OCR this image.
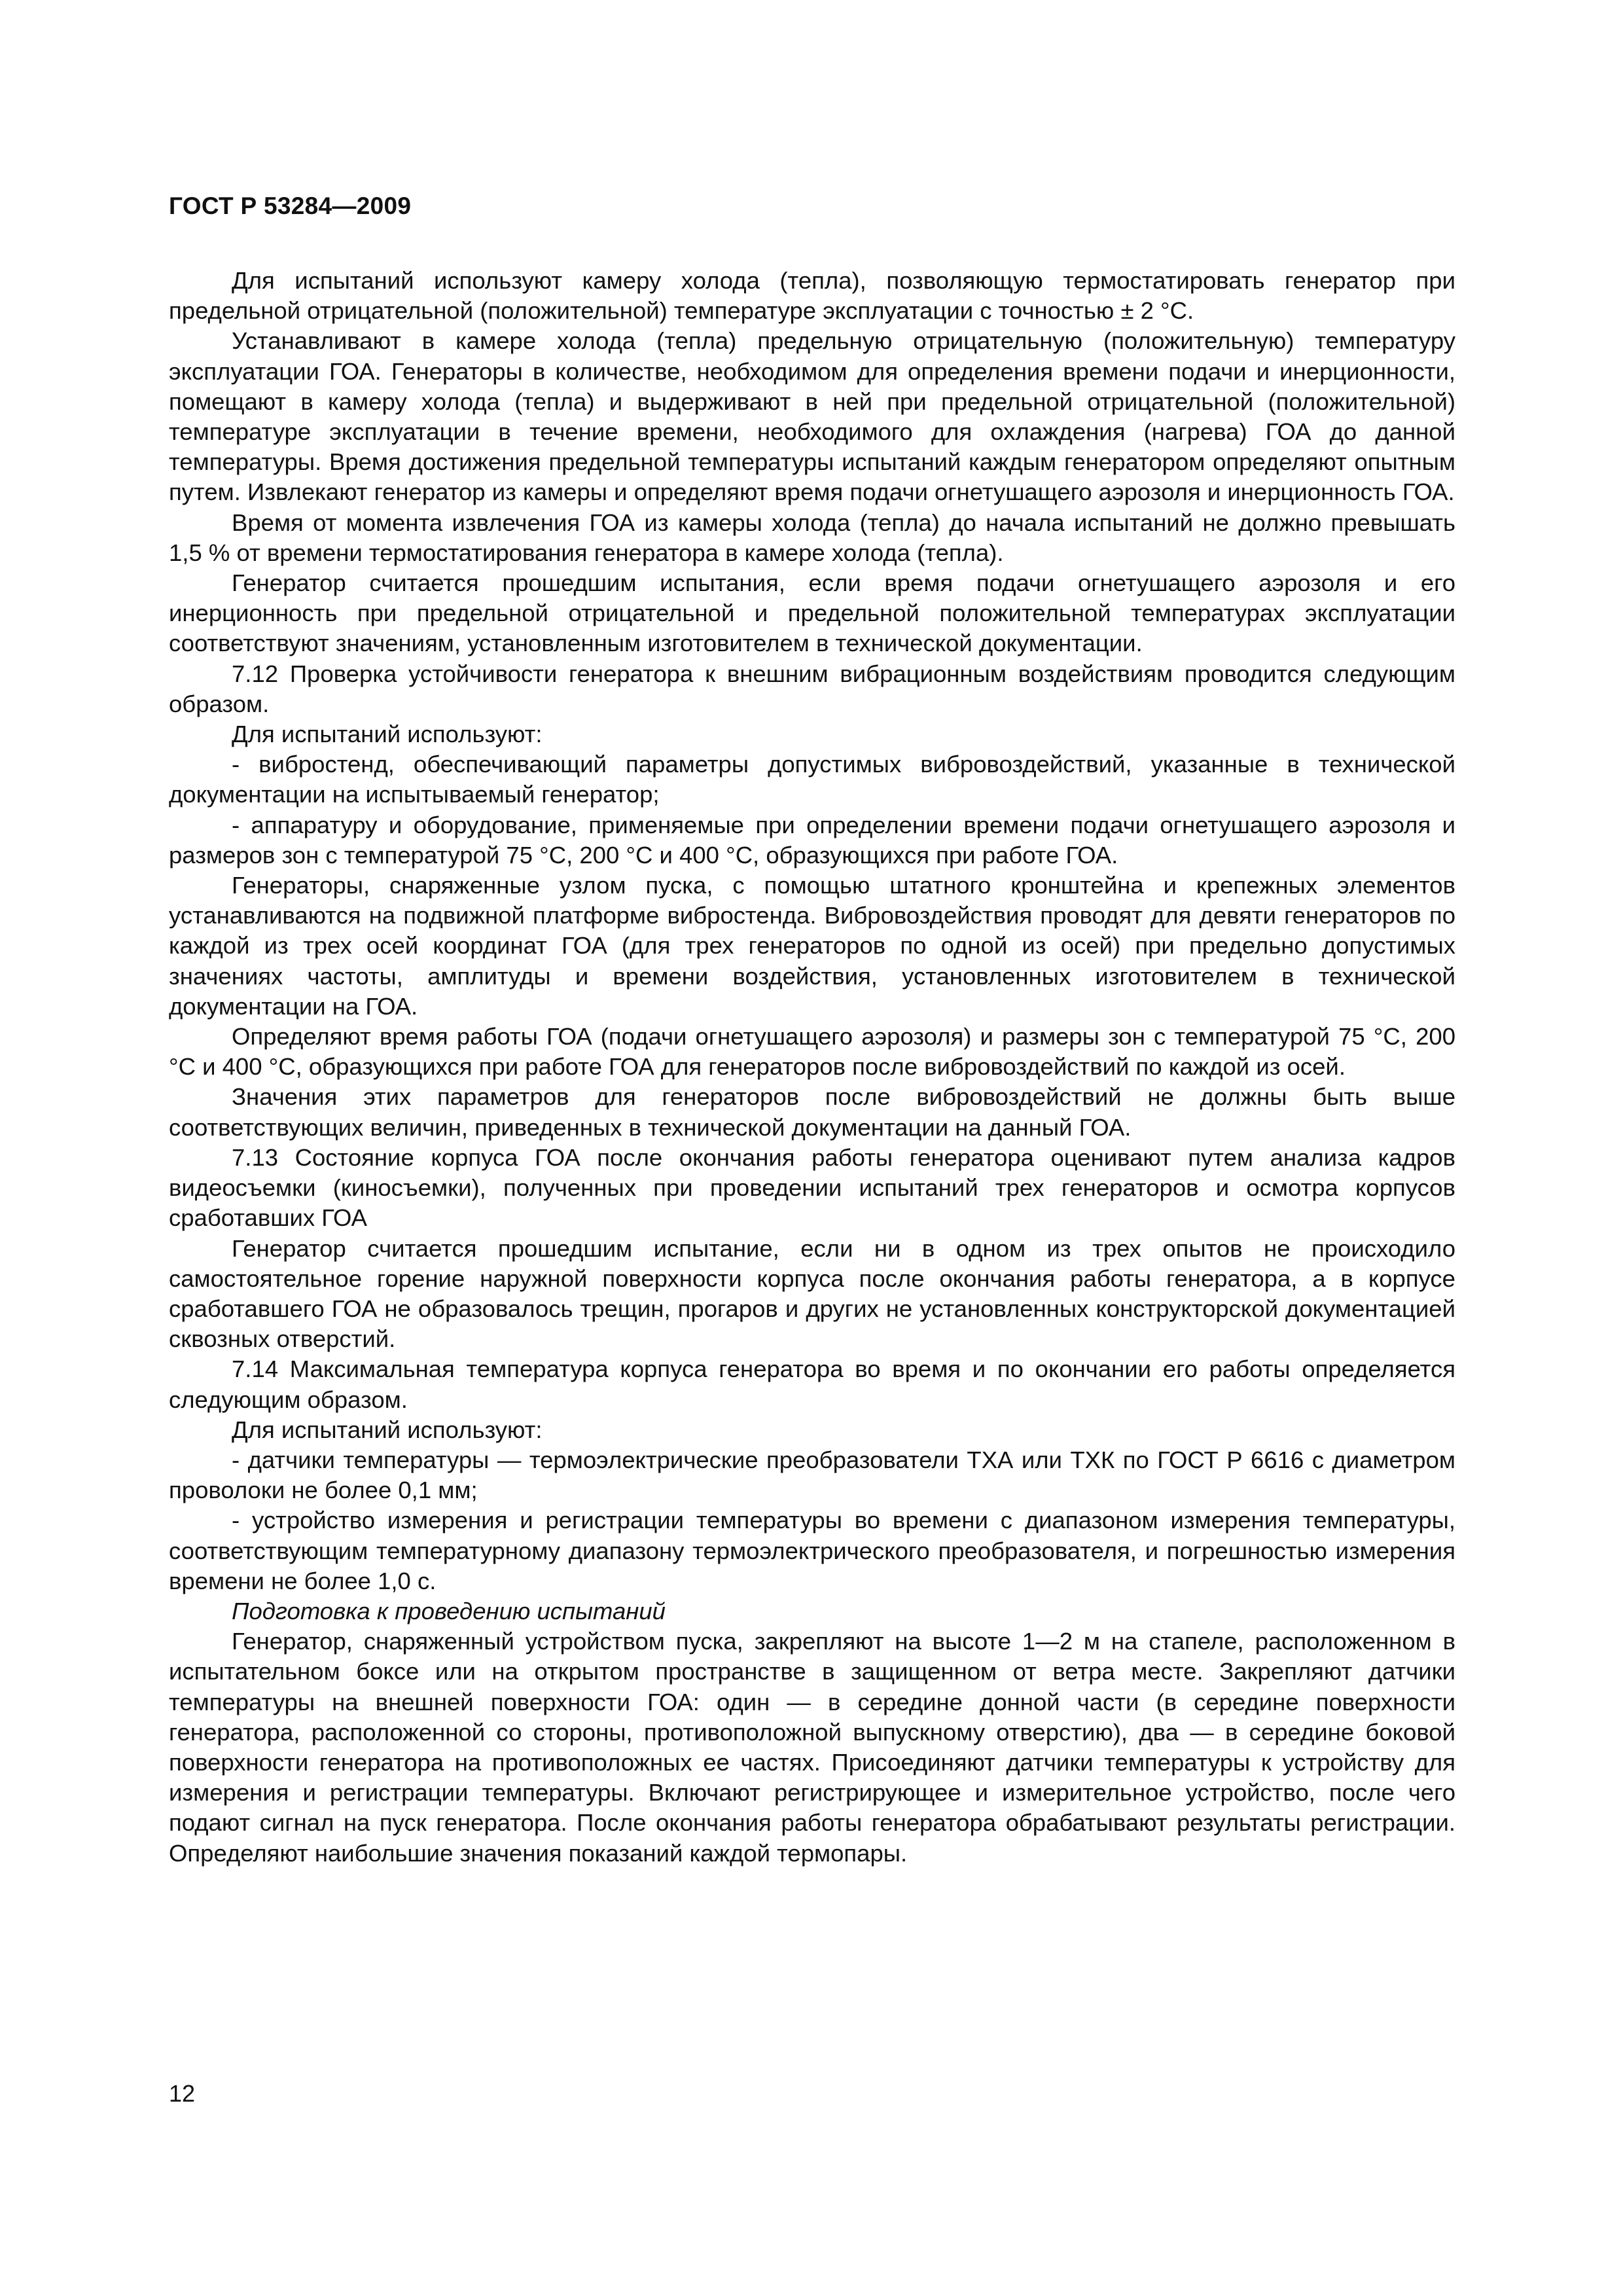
ГОСТ Р 53284—2009

Для испытаний используют камеру холода (тепла), позволяющую термостатировать генератор при предельной отрицательной (положительной) температуре эксплуатации с точностью ± 2 °С.

Устанавливают в камере холода (тепла) предельную отрицательную (положительную) температуру эксплуатации ГОА. Генераторы в количестве, необходимом для определения времени подачи и инерционности, помещают в камеру холода (тепла) и выдерживают в ней при предельной отрицательной (положительной) температуре эксплуатации в течение времени, необходимого для охлаждения (нагрева) ГОА до данной температуры. Время достижения предельной температуры испытаний каждым генератором определяют опытным путем. Извлекают генератор из камеры и определяют время подачи огнетушащего аэрозоля и инерционность ГОА.

Время от момента извлечения ГОА из камеры холода (тепла) до начала испытаний не должно превышать 1,5 % от времени термостатирования генератора в камере холода (тепла).

Генератор считается прошедшим испытания, если время подачи огнетушащего аэрозоля и его инерционность при предельной отрицательной и предельной положительной температурах эксплуатации соответствуют значениям, установленным изготовителем в технической документации.

7.12 Проверка устойчивости генератора к внешним вибрационным воздействиям проводится следующим образом.

Для испытаний используют:

- вибростенд, обеспечивающий параметры допустимых вибровоздействий, указанные в технической документации на испытываемый генератор;

- аппаратуру и оборудование, применяемые при определении времени подачи огнетушащего аэрозоля и размеров зон с температурой 75 °С, 200 °С и 400 °С, образующихся при работе ГОА.

Генераторы, снаряженные узлом пуска, с помощью штатного кронштейна и крепежных элементов устанавливаются на подвижной платформе вибростенда. Вибровоздействия проводят для девяти генераторов по каждой из трех осей координат ГОА (для трех генераторов по одной из осей) при предельно допустимых значениях частоты, амплитуды и времени воздействия, установленных изготовителем в технической документации на ГОА.

Определяют время работы ГОА (подачи огнетушащего аэрозоля) и размеры зон с температурой 75 °С, 200 °С и 400 °С, образующихся при работе ГОА для генераторов после вибровоздействий по каждой из осей.

Значения этих параметров для генераторов после вибровоздействий не должны быть выше соответствующих величин, приведенных в технической документации на данный ГОА.

7.13 Состояние корпуса ГОА после окончания работы генератора оценивают путем анализа кадров видеосъемки (киносъемки), полученных при проведении испытаний трех генераторов и осмотра корпусов сработавших ГОА

Генератор считается прошедшим испытание, если ни в одном из трех опытов не происходило самостоятельное горение наружной поверхности корпуса после окончания работы генератора, а в корпусе сработавшего ГОА не образовалось трещин, прогаров и других не установленных конструкторской документацией сквозных отверстий.

7.14 Максимальная температура корпуса генератора во время и по окончании его работы определяется следующим образом.

Для испытаний используют:

- датчики температуры — термоэлектрические преобразователи ТХА или ТХК по ГОСТ Р 6616 с диаметром проволоки не более 0,1 мм;

- устройство измерения и регистрации температуры во времени с диапазоном измерения температуры, соответствующим температурному диапазону термоэлектрического преобразователя, и погрешностью измерения времени не более 1,0 с.

Подготовка к проведению испытаний

Генератор, снаряженный устройством пуска, закрепляют на высоте 1—2 м на стапеле, расположенном в испытательном боксе или на открытом пространстве в защищенном от ветра месте. Закрепляют датчики температуры на внешней поверхности ГОА: один — в середине донной части (в середине поверхности генератора, расположенной со стороны, противоположной выпускному отверстию), два — в середине боковой поверхности генератора на противоположных ее частях. Присоединяют датчики температуры к устройству для измерения и регистрации температуры. Включают регистрирующее и измерительное устройство, после чего подают сигнал на пуск генератора. После окончания работы генератора обрабатывают результаты регистрации. Определяют наибольшие значения показаний каждой термопары.

12
